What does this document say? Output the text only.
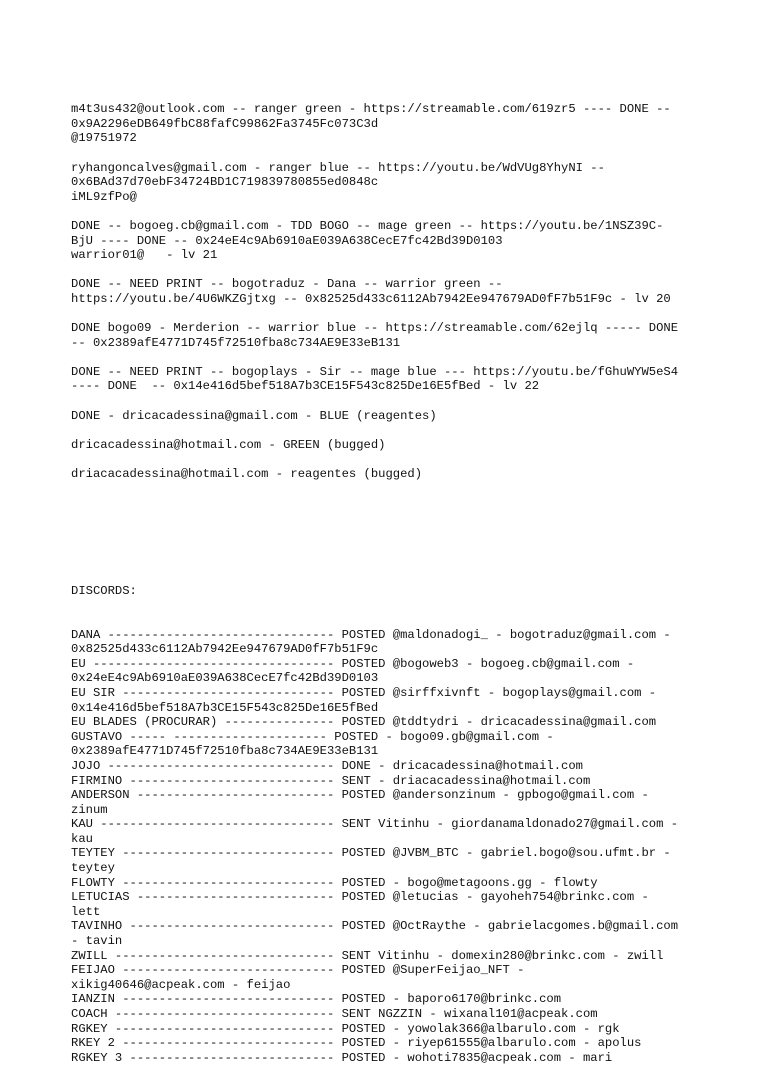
m4t3us432@outlook.com -- ranger green - https://streamable.com/619zr5 ---- DONE --
0x9A2296eDB649fbC88fafC99862Fa3745Fc073C3d
@19751972
ryhangoncalves@gmail.com - ranger blue -- https://youtu.be/WdVUg8YhyNI --
0x6BAd37d70ebF34724BD1C719839780855ed0848c
iML9zfPo@
DONE -- bogoeg.cb@gmail.com - TDD BOGO -- mage green -- https://youtu.be/1NSZ39C-
BjU ---- DONE -- 0x24eE4c9Ab6910aE039A638CecE7fc42Bd39D0103
warrior01@   - lv 21
DONE -- NEED PRINT -- bogotraduz - Dana -- warrior green --
https://youtu.be/4U6WKZGjtxg -- 0x82525d433c6112Ab7942Ee947679AD0fF7b51F9c - lv 20
DONE bogo09 - Merderion -- warrior blue -- https://streamable.com/62ejlq ----- DONE
-- 0x2389afE4771D745f72510fba8c734AE9E33eB131
DONE -- NEED PRINT -- bogoplays - Sir -- mage blue --- https://youtu.be/fGhuWYW5eS4
---- DONE  -- 0x14e416d5bef518A7b3CE15F543c825De16E5fBed - lv 22
DONE - dricacadessina@gmail.com - BLUE (reagentes)
dricacadessina@hotmail.com - GREEN (bugged)
driacacadessina@hotmail.com - reagentes (bugged)

DISCORDS:

DANA ------------------------------- POSTED @maldonadogi_ - bogotraduz@gmail.com -
0x82525d433c6112Ab7942Ee947679AD0fF7b51F9c
EU --------------------------------- POSTED @bogoweb3 - bogoeg.cb@gmail.com -
0x24eE4c9Ab6910aE039A638CecE7fc42Bd39D0103
EU SIR ----------------------------- POSTED @sirffxivnft - bogoplays@gmail.com -
0x14e416d5bef518A7b3CE15F543c825De16E5fBed
EU BLADES (PROCURAR) --------------- POSTED @tddtydri - dricacadessina@gmail.com
GUSTAVO ----- --------------------- POSTED - bogo09.gb@gmail.com -
0x2389afE4771D745f72510fba8c734AE9E33eB131
JOJO ------------------------------- DONE - dricacadessina@hotmail.com
FIRMINO ---------------------------- SENT - driacacadessina@hotmail.com
ANDERSON --------------------------- POSTED @andersonzinum - gpbogo@gmail.com -
zinum
KAU -------------------------------- SENT Vitinhu - giordanamaldonado27@gmail.com -
kau
TEYTEY ----------------------------- POSTED @JVBM_BTC - gabriel.bogo@sou.ufmt.br -
teytey
FLOWTY ----------------------------- POSTED - bogo@metagoons.gg - flowty
LETUCIAS --------------------------- POSTED @letucias - gayoheh754@brinkc.com -
lett
TAVINHO ---------------------------- POSTED @OctRaythe - gabrielacgomes.b@gmail.com
- tavin
ZWILL ------------------------------ SENT Vitinhu - domexin280@brinkc.com - zwill
FEIJAO ----------------------------- POSTED @SuperFeijao_NFT -
xikig40646@acpeak.com - feijao
IANZIN ----------------------------- POSTED - baporo6170@brinkc.com
COACH ------------------------------ SENT NGZZIN - wixanal101@acpeak.com
RGKEY ------------------------------ POSTED - yowolak366@albarulo.com - rgk
RKEY 2 ----------------------------- POSTED - riyep61555@albarulo.com - apolus
RGKEY 3 ---------------------------- POSTED - wohoti7835@acpeak.com - mari
